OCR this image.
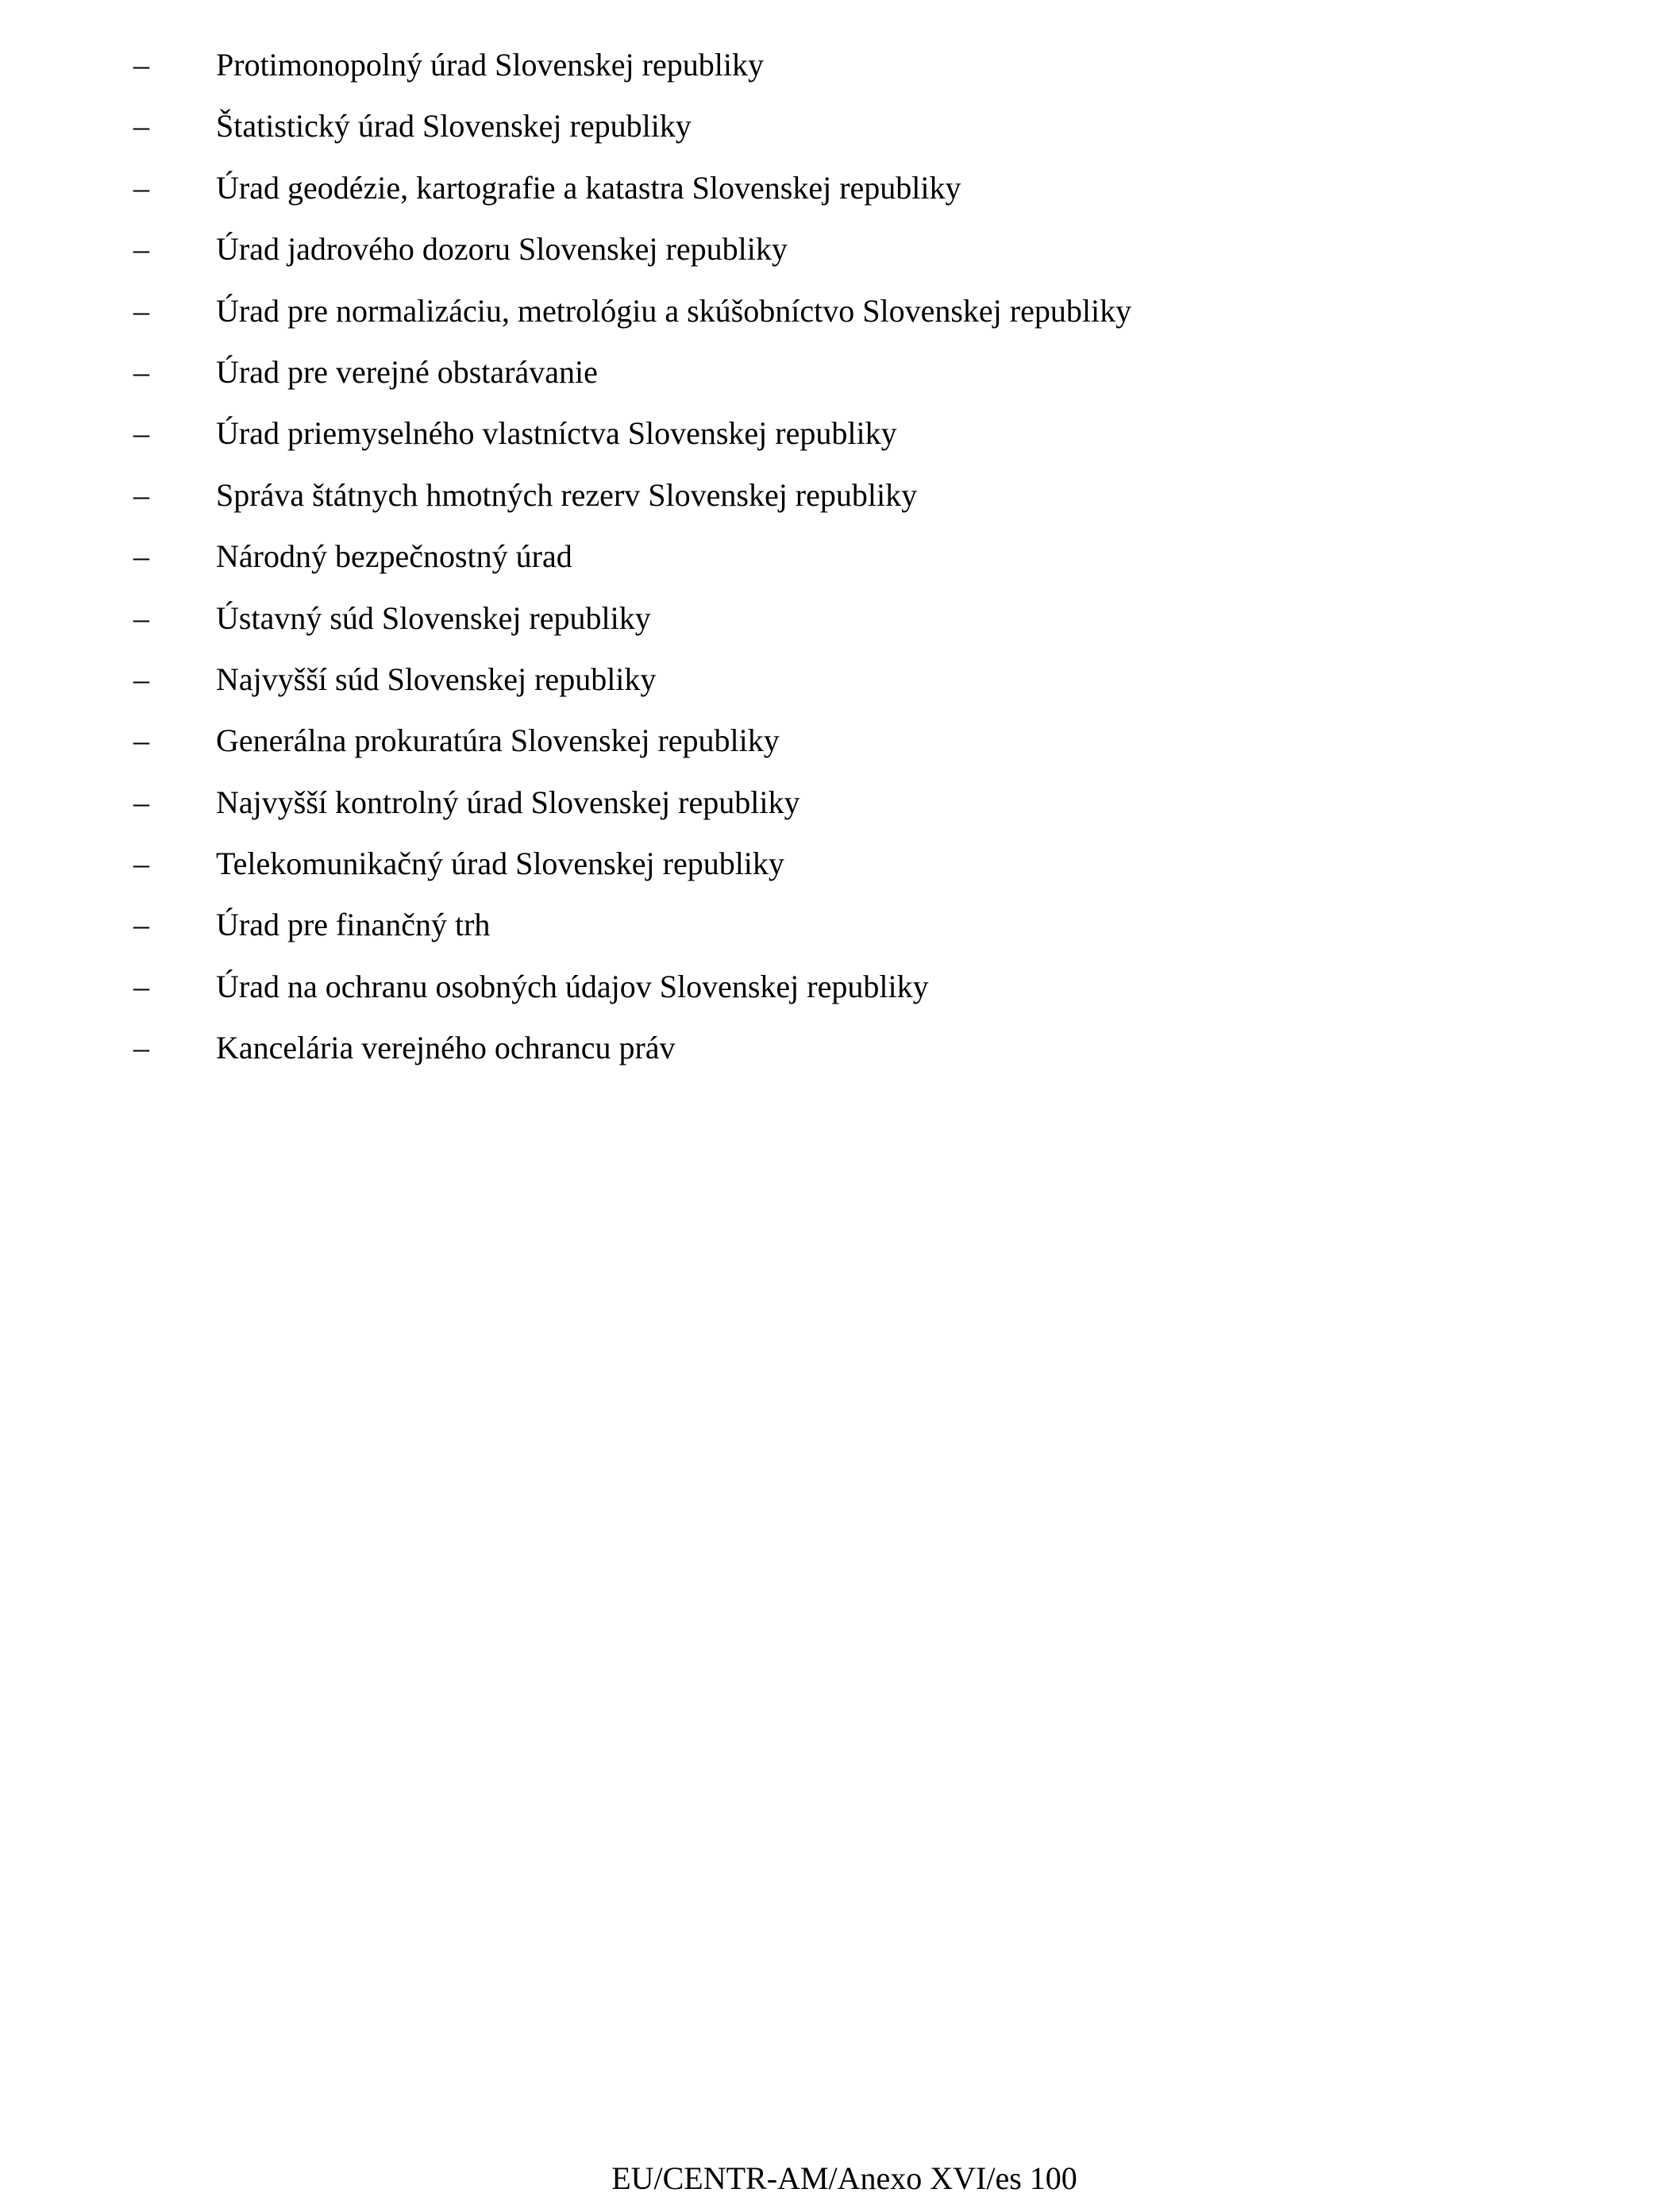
– Protimonopolný úrad Slovenskej republiky
– Štatistický úrad Slovenskej republiky
– Úrad geodézie, kartografie a katastra Slovenskej republiky
– Úrad jadrového dozoru Slovenskej republiky
– Úrad pre normalizáciu, metrológiu a skúšobníctvo Slovenskej republiky
– Úrad pre verejné obstarávanie
– Úrad priemyselného vlastníctva Slovenskej republiky
– Správa štátnych hmotných rezerv Slovenskej republiky
– Národný bezpečnostný úrad
– Ústavný súd Slovenskej republiky
– Najvyšší súd Slovenskej republiky
– Generálna prokuratúra Slovenskej republiky
– Najvyšší kontrolný úrad Slovenskej republiky
– Telekomunikačný úrad Slovenskej republiky
– Úrad pre finančný trh
– Úrad na ochranu osobných údajov Slovenskej republiky
– Kancelária verejného ochrancu práv
EU/CENTR-AM/Anexo XVI/es 100
